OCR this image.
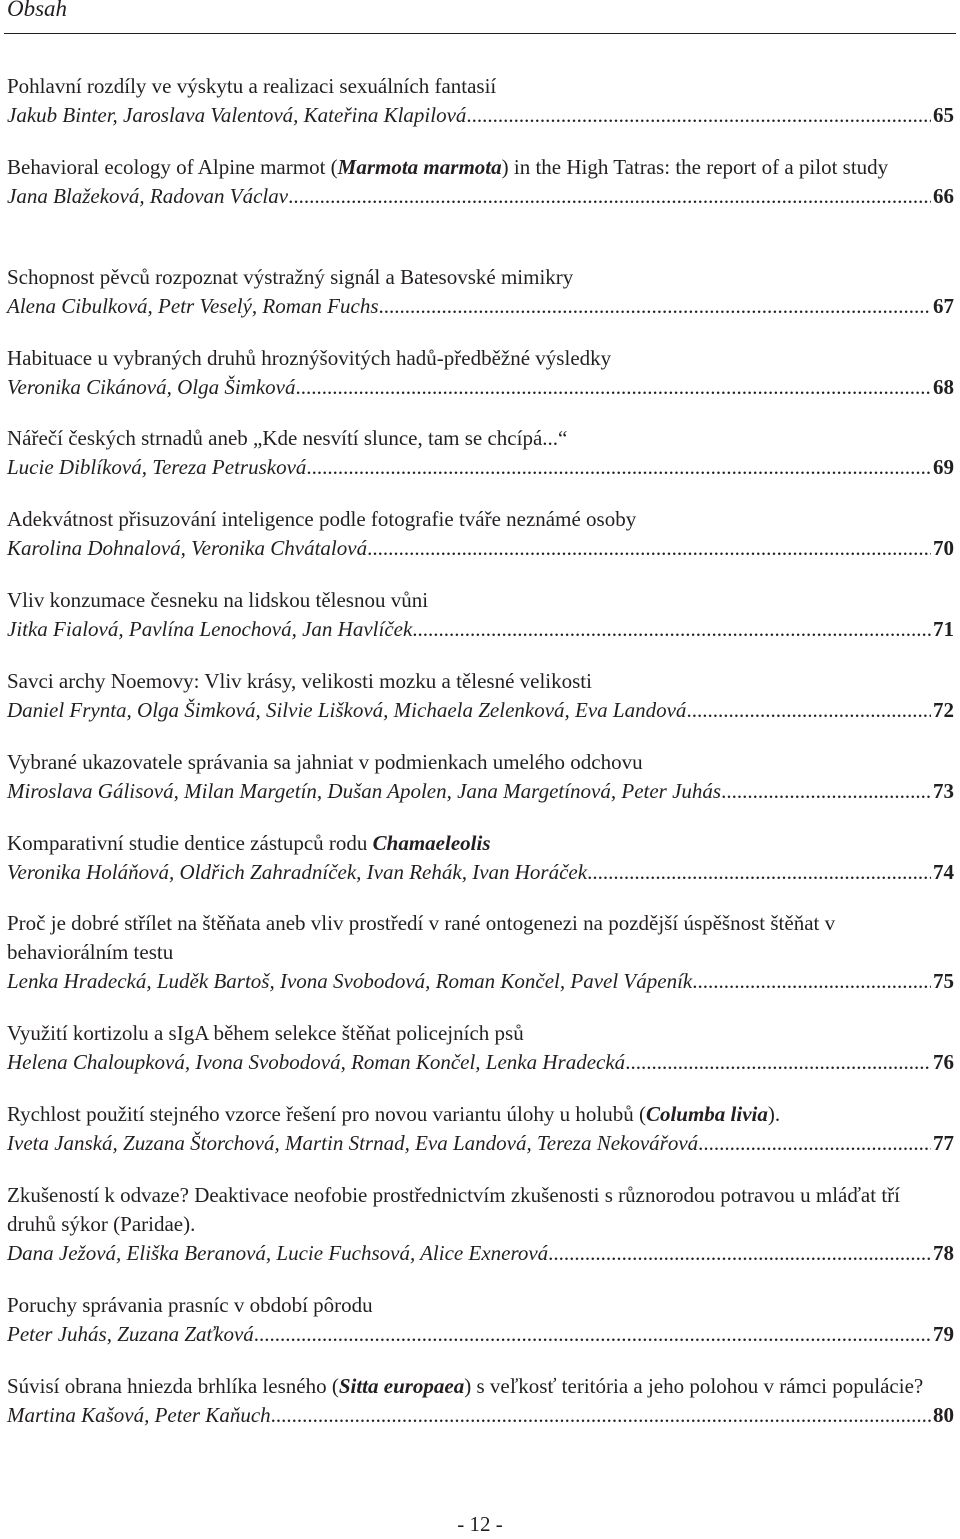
Obsah
Pohlavní rozdíly ve výskytu a realizaci sexuálních fantasií
Jakub Binter, Jaroslava Valentová, Kateřina Klapilová .....	65
Behavioral ecology of Alpine marmot (Marmota marmota) in the High Tatras: the report of a pilot study
Jana Blažeková, Radovan Václav .....	66
Schopnost pěvců rozpoznat výstražný signál a Batesovské mimikry
Alena Cibulková, Petr Veselý, Roman Fuchs .....	67
Habituace u vybraných druhů hroznýšovitých hadů-předběžné výsledky
Veronika Cikánová, Olga Šimková .....	68
Nářečí českých strnadů aneb „Kde nesvítí slunce, tam se chcípá...“
Lucie Diblíková, Tereza Petrusková .....	69
Adekvátnost přisuzování inteligence podle fotografie tváře neznámé osoby
Karolina Dohnalová, Veronika Chvátalová .....	70
Vliv konzumace česneku na lidskou tělesnou vůni
Jitka Fialová, Pavlína Lenochová, Jan Havlíček .....	71
Savci archy Noemovy: Vliv krásy, velikosti mozku a tělesné velikosti
Daniel Frynta, Olga Šimková, Silvie Lišková, Michaela Zelenková, Eva Landová .....	72
Vybrané ukazovatele správania sa jahniat v podmienkach umelého odchovu
Miroslava Gálisová, Milan Margetín, Dušan Apolen, Jana Margetínová, Peter Juhás .....	73
Komparativní studie dentice zástupců rodu Chamaeleolis
Veronika Holáňová, Oldřich Zahradníček, Ivan Rehák, Ivan Horáček .....	74
Proč je dobré střílet na štěňata aneb vliv prostředí v rané ontogenezi na pozdější úspěšnost štěňat v behaviorálním testu
Lenka Hradecká, Luděk Bartoš, Ivona Svobodová, Roman Končel, Pavel Vápeník .....	75
Využití kortizolu a sIgA během selekce štěňat policejních psů
Helena Chaloupková, Ivona Svobodová, Roman Končel, Lenka Hradecká .....	76
Rychlost použití stejného vzorce řešení pro novou variantu úlohy u holubů (Columba livia).
Iveta Janská, Zuzana Štorchová, Martin Strnad, Eva Landová, Tereza Nekovářová .....	77
Zkušeností k odvaze? Deaktivace neofobie prostřednictvím zkušenosti s různorodou potravou u mláďat tří druhů sýkor (Paridae).
Dana Ježová, Eliška Beranová, Lucie Fuchsová, Alice Exnerová .....	78
Poruchy správania prasníc v období pôrodu
Peter Juhás, Zuzana Zaťková .....	79
Súvisí obrana hniezda brhlíka lesného (Sitta europaea) s veľkosť teritória a jeho polohou v rámci populácie?
Martina Kašová, Peter Kaňuch .....	80
- 12 -
